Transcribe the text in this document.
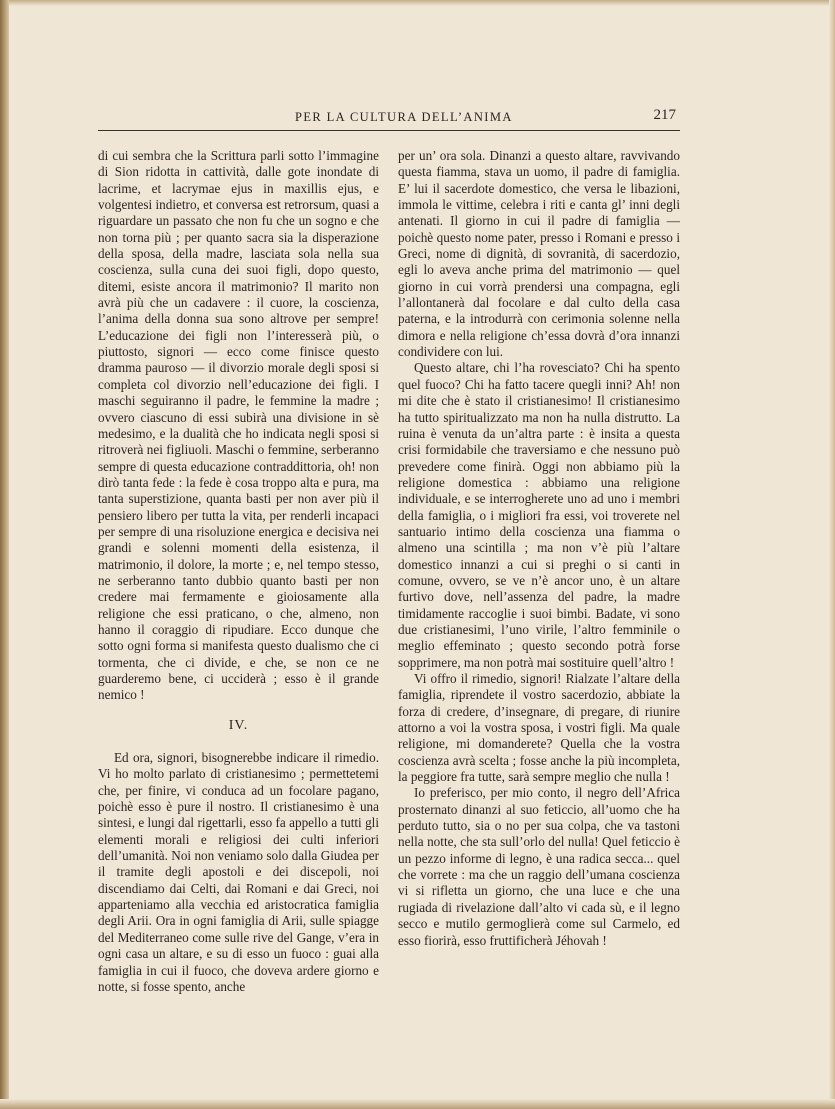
PER LA CULTURA DELL’ANIMA	217

di cui sembra che la Scrittura parli sotto l’immagine di Sion ridotta in cattività, dalle gote inondate di lacrime, et lacrymae ejus in maxillis ejus, e volgentesi indietro, et conversa est retrorsum, quasi a riguardare un passato che non fu che un sogno e che non torna più ; per quanto sacra sia la disperazione della sposa, della madre, lasciata sola nella sua coscienza, sulla cuna dei suoi figli, dopo questo, ditemi, esiste ancora il matrimonio? Il marito non avrà più che un cadavere : il cuore, la coscienza, l’anima della donna sua sono altrove per sempre! L’educazione dei figli non l’interesserà più, o piuttosto, signori — ecco come finisce questo dramma pauroso — il divorzio morale degli sposi si completa col divorzio nell’educazione dei figli. I maschi seguiranno il padre, le femmine la madre ; ovvero ciascuno di essi subirà una divisione in sè medesimo, e la dualità che ho indicata negli sposi si ritroverà nei figliuoli. Maschi o femmine, serberanno sempre di questa educazione contraddittoria, oh! non dirò tanta fede : la fede è cosa troppo alta e pura, ma tanta superstizione, quanta basti per non aver più il pensiero libero per tutta la vita, per renderli incapaci per sempre di una risoluzione energica e decisiva nei grandi e solenni momenti della esistenza, il matrimonio, il dolore, la morte ; e, nel tempo stesso, ne serberanno tanto dubbio quanto basti per non credere mai fermamente e gioiosamente alla religione che essi praticano, o che, almeno, non hanno il coraggio di ripudiare. Ecco dunque che sotto ogni forma si manifesta questo dualismo che ci tormenta, che ci divide, e che, se non ce ne guarderemo bene, ci ucciderà ; esso è il grande nemico !

IV.

Ed ora, signori, bisognerebbe indicare il rimedio. Vi ho molto parlato di cristianesimo ; permettetemi che, per finire, vi conduca ad un focolare pagano, poichè esso è pure il nostro. Il cristianesimo è una sintesi, e lungi dal rigettarli, esso fa appello a tutti gli elementi morali e religiosi dei culti inferiori dell’umanità. Noi non veniamo solo dalla Giudea per il tramite degli apostoli e dei discepoli, noi discendiamo dai Celti, dai Romani e dai Greci, noi apparteniamo alla vecchia ed aristocratica famiglia degli Arii. Ora in ogni famiglia di Arii, sulle spiagge del Mediterraneo come sulle rive del Gange, v’era in ogni casa un altare, e su di esso un fuoco : guai alla famiglia in cui il fuoco, che doveva ardere giorno e notte, si fosse spento, anche

per un’ ora sola. Dinanzi a questo altare, ravvivando questa fiamma, stava un uomo, il padre di famiglia. E’ lui il sacerdote domestico, che versa le libazioni, immola le vittime, celebra i riti e canta gl’ inni degli antenati. Il giorno in cui il padre di famiglia — poichè questo nome pater, presso i Romani e presso i Greci, nome di dignità, di sovranità, di sacerdozio, egli lo aveva anche prima del matrimonio — quel giorno in cui vorrà prendersi una compagna, egli l’allontanerà dal focolare e dal culto della casa paterna, e la introdurrà con cerimonia solenne nella dimora e nella religione ch’essa dovrà d’ora innanzi condividere con lui.

Questo altare, chi l’ha rovesciato? Chi ha spento quel fuoco? Chi ha fatto tacere quegli inni? Ah! non mi dite che è stato il cristianesimo! Il cristianesimo ha tutto spiritualizzato ma non ha nulla distrutto. La ruina è venuta da un’altra parte : è insita a questa crisi formidabile che traversiamo e che nessuno può prevedere come finirà. Oggi non abbiamo più la religione domestica : abbiamo una religione individuale, e se interrogherete uno ad uno i membri della famiglia, o i migliori fra essi, voi troverete nel santuario intimo della coscienza una fiamma o almeno una scintilla ; ma non v’è più l’altare domestico innanzi a cui si preghi o si canti in comune, ovvero, se ve n’è ancor uno, è un altare furtivo dove, nell’assenza del padre, la madre timidamente raccoglie i suoi bimbi. Badate, vi sono due cristianesimi, l’uno virile, l’altro femminile o meglio effeminato ; questo secondo potrà forse sopprimere, ma non potrà mai sostituire quell’altro !

Vi offro il rimedio, signori! Rialzate l’altare della famiglia, riprendete il vostro sacerdozio, abbiate la forza di credere, d’insegnare, di pregare, di riunire attorno a voi la vostra sposa, i vostri figli. Ma quale religione, mi domanderete? Quella che la vostra coscienza avrà scelta ; fosse anche la più incompleta, la peggiore fra tutte, sarà sempre meglio che nulla !

Io preferisco, per mio conto, il negro dell’Africa prosternato dinanzi al suo feticcio, all’uomo che ha perduto tutto, sia o no per sua colpa, che va tastoni nella notte, che sta sull’orlo del nulla! Quel feticcio è un pezzo informe di legno, è una radica secca... quel che vorrete : ma che un raggio dell’umana coscienza vi si rifletta un giorno, che una luce e che una rugiada di rivelazione dall’alto vi cada sù, e il legno secco e mutilo germoglierà come sul Carmelo, ed esso fiorirà, esso fruttificherà Jéhovah !
